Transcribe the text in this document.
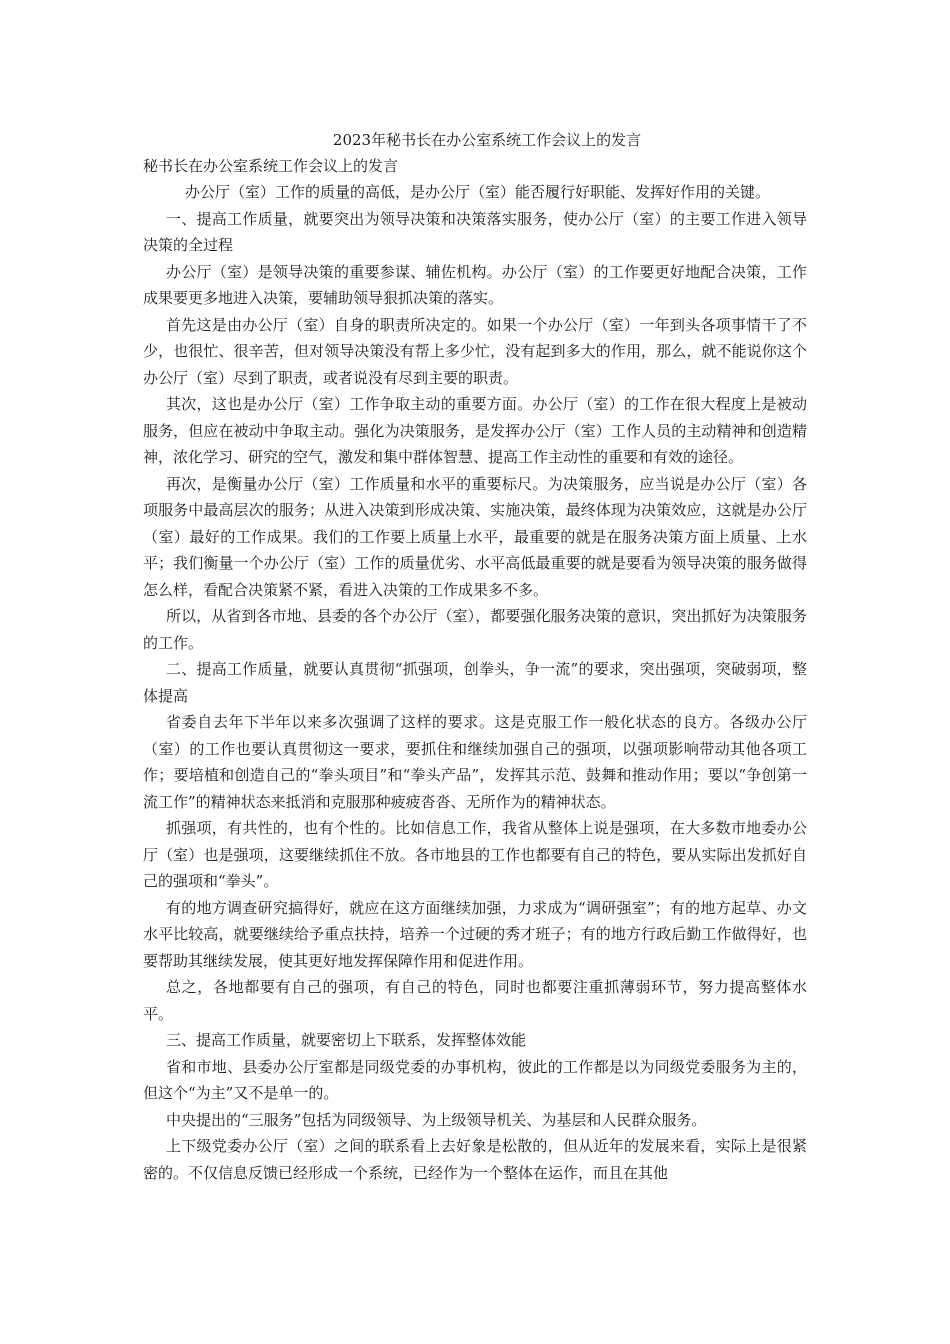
2023年秘书长在办公室系统工作会议上的发言

秘书长在办公室系统工作会议上的发言

办公厅（室）工作的质量的高低，是办公厅（室）能否履行好职能、发挥好作用的关键。

一、提高工作质量，就要突出为领导决策和决策落实服务，使办公厅（室）的主要工作进入领导决策的全过程

办公厅（室）是领导决策的重要参谋、辅佐机构。办公厅（室）的工作要更好地配合决策，工作成果要更多地进入决策，要辅助领导狠抓决策的落实。

首先这是由办公厅（室）自身的职责所决定的。如果一个办公厅（室）一年到头各项事情干了不少，也很忙、很辛苦，但对领导决策没有帮上多少忙，没有起到多大的作用，那么，就不能说你这个办公厅（室）尽到了职责，或者说没有尽到主要的职责。

其次，这也是办公厅（室）工作争取主动的重要方面。办公厅（室）的工作在很大程度上是被动服务，但应在被动中争取主动。强化为决策服务，是发挥办公厅（室）工作人员的主动精神和创造精神，浓化学习、研究的空气，激发和集中群体智慧、提高工作主动性的重要和有效的途径。

再次，是衡量办公厅（室）工作质量和水平的重要标尺。为决策服务，应当说是办公厅（室）各项服务中最高层次的服务；从进入决策到形成决策、实施决策，最终体现为决策效应，这就是办公厅（室）最好的工作成果。我们的工作要上质量上水平，最重要的就是在服务决策方面上质量、上水平；我们衡量一个办公厅（室）工作的质量优劣、水平高低最重要的就是要看为领导决策的服务做得怎么样，看配合决策紧不紧，看进入决策的工作成果多不多。

所以，从省到各市地、县委的各个办公厅（室），都要强化服务决策的意识，突出抓好为决策服务的工作。

二、提高工作质量，就要认真贯彻“抓强项，创拳头，争一流”的要求，突出强项，突破弱项，整体提高

省委自去年下半年以来多次强调了这样的要求。这是克服工作一般化状态的良方。各级办公厅（室）的工作也要认真贯彻这一要求，要抓住和继续加强自己的强项，以强项影响带动其他各项工作；要培植和创造自己的“拳头项目”和“拳头产品”，发挥其示范、鼓舞和推动作用；要以“争创第一流工作”的精神状态来抵消和克服那种疲疲沓沓、无所作为的精神状态。

抓强项，有共性的，也有个性的。比如信息工作，我省从整体上说是强项，在大多数市地委办公厅（室）也是强项，这要继续抓住不放。各市地县的工作也都要有自己的特色，要从实际出发抓好自己的强项和“拳头”。

有的地方调查研究搞得好，就应在这方面继续加强，力求成为“调研强室”；有的地方起草、办文水平比较高，就要继续给予重点扶持，培养一个过硬的秀才班子；有的地方行政后勤工作做得好，也要帮助其继续发展，使其更好地发挥保障作用和促进作用。

总之，各地都要有自己的强项，有自己的特色，同时也都要注重抓薄弱环节，努力提高整体水平。

三、提高工作质量，就要密切上下联系，发挥整体效能

省和市地、县委办公厅室都是同级党委的办事机构，彼此的工作都是以为同级党委服务为主的，但这个“为主”又不是单一的。

中央提出的“三服务”包括为同级领导、为上级领导机关、为基层和人民群众服务。

上下级党委办公厅（室）之间的联系看上去好象是松散的，但从近年的发展来看，实际上是很紧密的。不仅信息反馈已经形成一个系统，已经作为一个整体在运作，而且在其他
